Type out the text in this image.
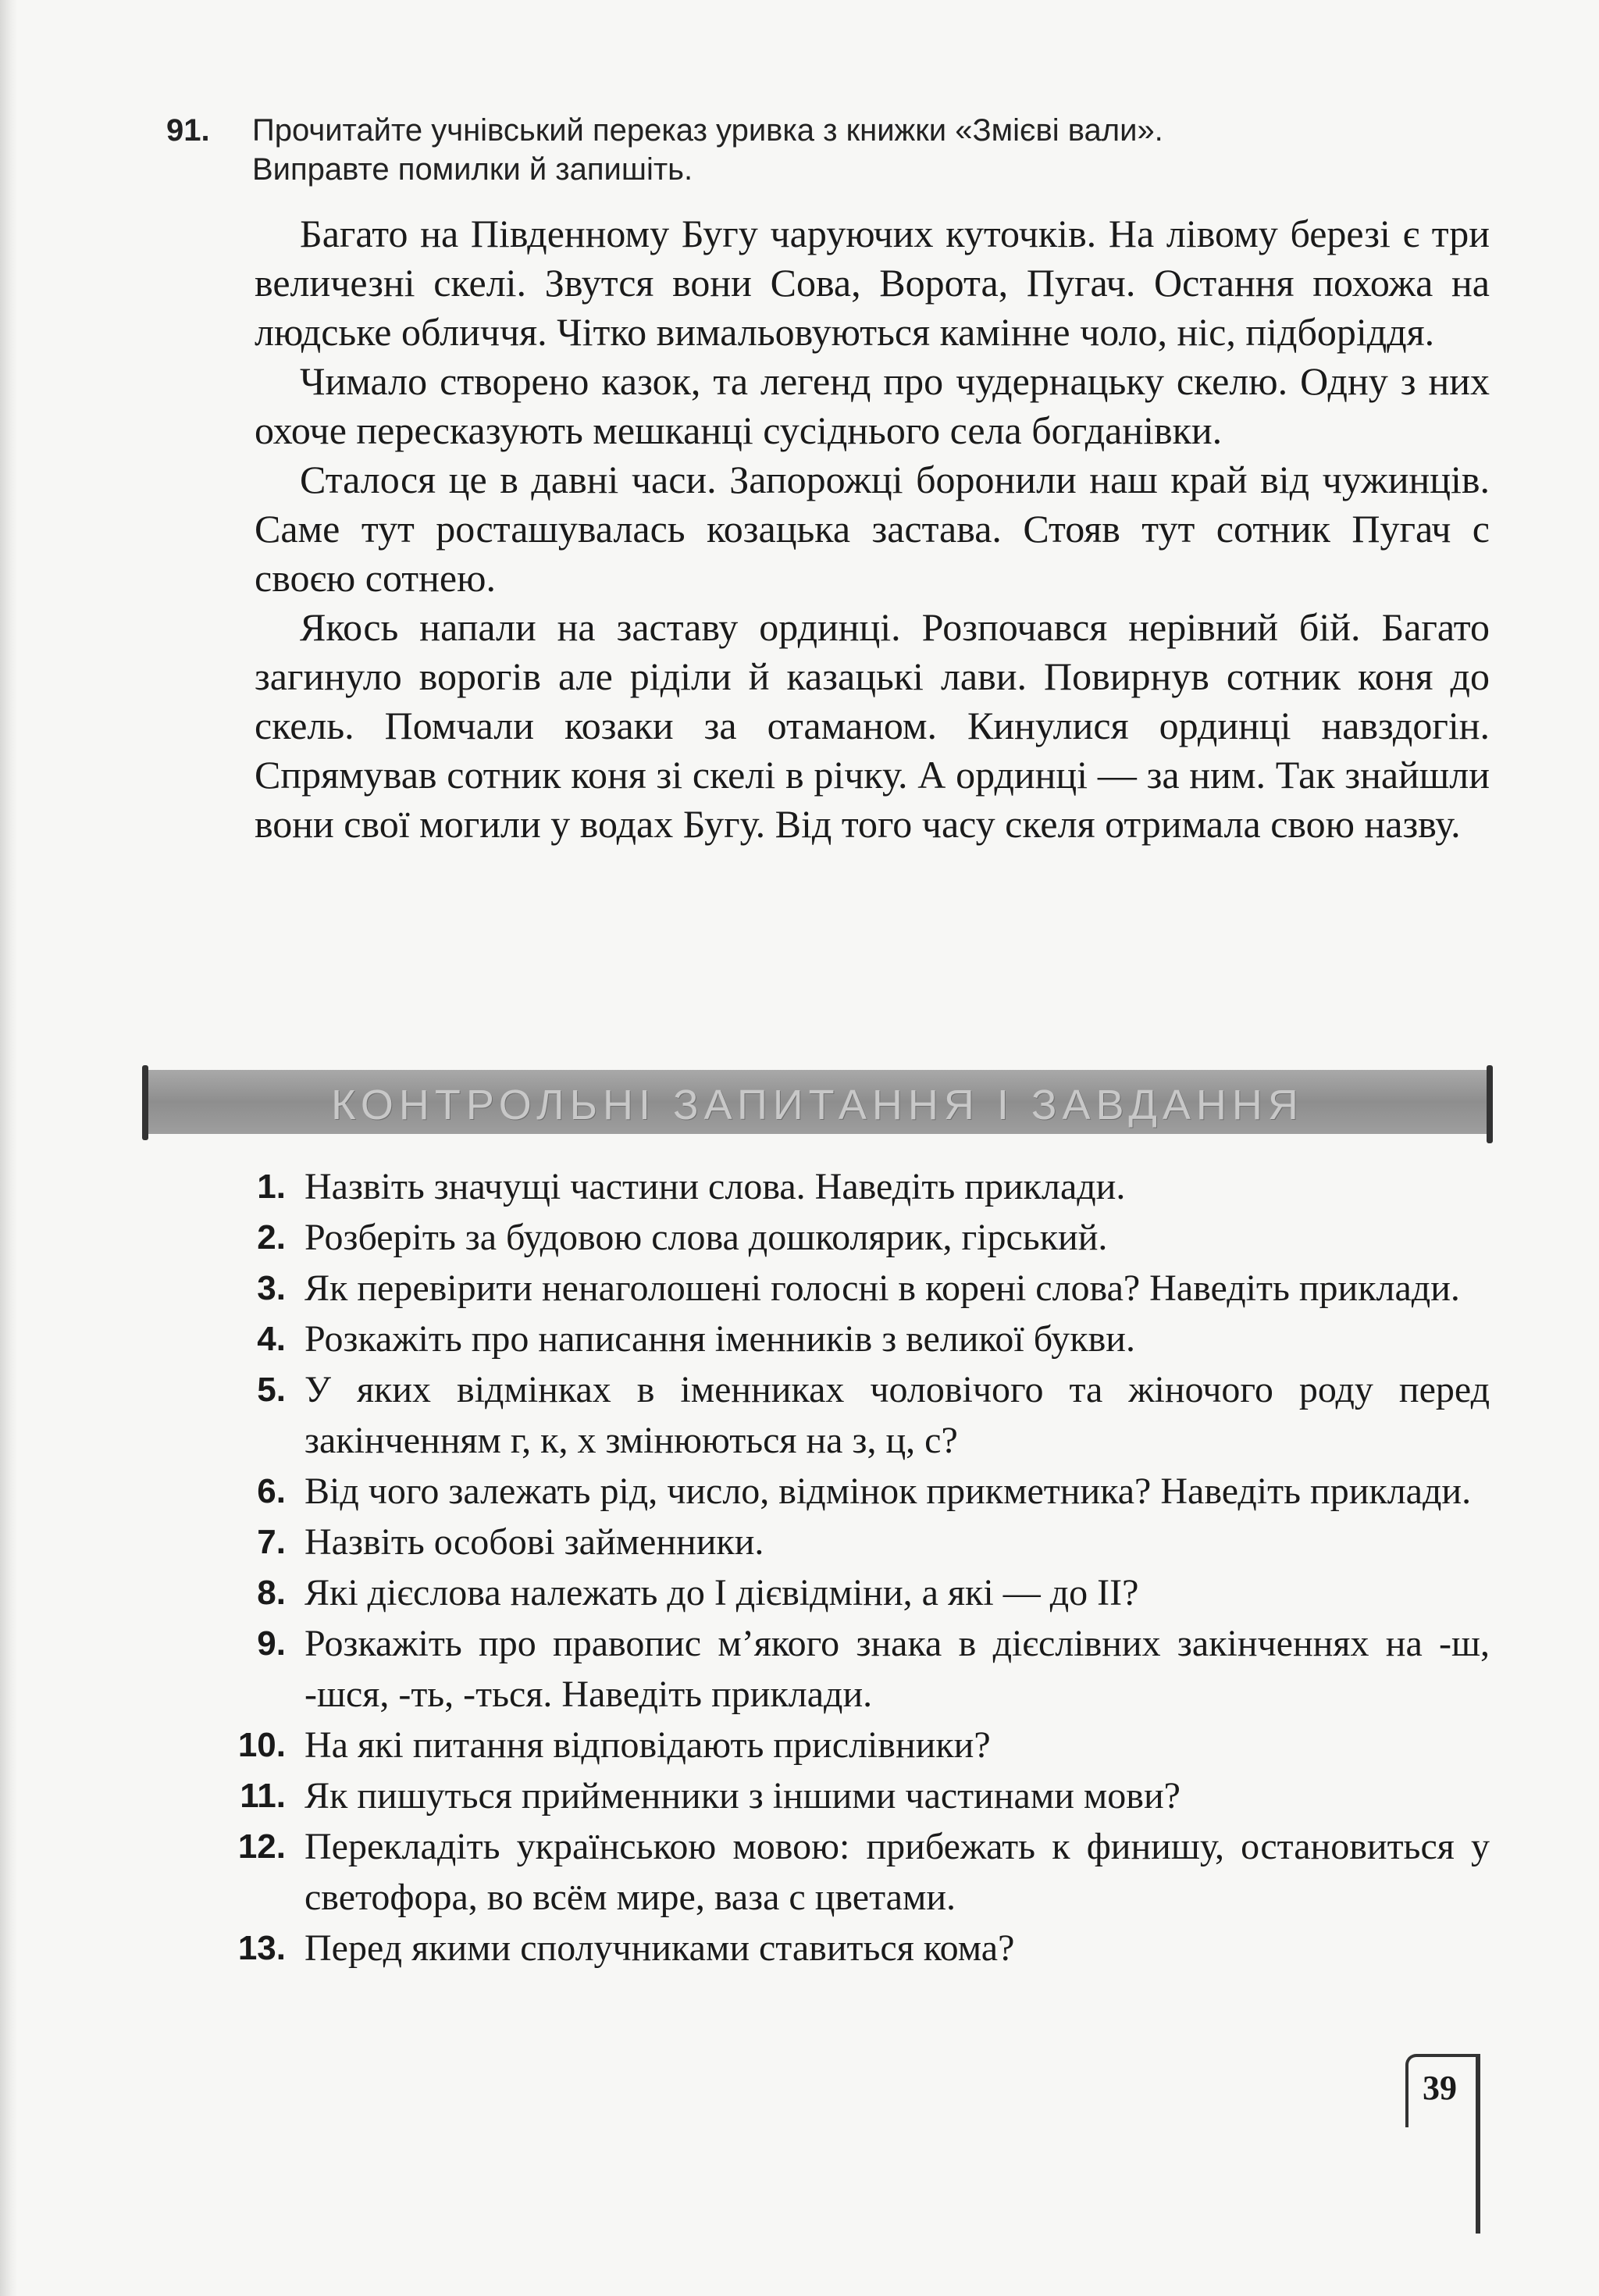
91. Прочитайте учнівський переказ уривка з книжки «Змієві вали».
Виправте помилки й запишіть.

Багато на Південному Бугу чаруючих куточків. На лівому березі є три величезні скелі. Звутся вони Сова, Ворота, Пугач. Остання похожа на людське обличчя. Чітко вимальовуються камінне чоло, ніс, підборіддя.

Чимало створено казок, та легенд про чудернацьку скелю. Одну з них охоче пересказують мешканці сусіднього села богданівки.

Сталося це в давні часи. Запорожці боронили наш край від чужинців. Саме тут росташувалась козацька застава. Стояв тут сотник Пугач с своєю сотнею.

Якось напали на заставу ординці. Розпочався нерівний бій. Багато загинуло ворогів але ріділи й казацькі лави. Повирнув сотник коня до скель. Помчали козаки за отаманом. Кинулися ординці навздогін. Спрямував сотник коня зі скелі в річку. А ординці — за ним. Так знайшли вони свої могили у водах Бугу. Від того часу скеля отримала свою назву.

КОНТРОЛЬНІ ЗАПИТАННЯ І ЗАВДАННЯ
1. Назвіть значущі частини слова. Наведіть приклади.
2. Розберіть за будовою слова дошколярик, гірський.
3. Як перевірити ненаголошені голосні в корені слова? Наведіть приклади.
4. Розкажіть про написання іменників з великої букви.
5. У яких відмінках в іменниках чоловічого та жіночого роду перед закінченням г, к, х змінюються на з, ц, с?
6. Від чого залежать рід, число, відмінок прикметника? Наведіть приклади.
7. Назвіть особові займенники.
8. Які дієслова належать до I дієвідміни, а які — до II?
9. Розкажіть про правопис м’якого знака в дієслівних закінченнях на -ш, -шся, -ть, -ться. Наведіть приклади.
10. На які питання відповідають прислівники?
11. Як пишуться прийменники з іншими частинами мови?
12. Перекладіть українською мовою: прибежать к финишу, остановиться у светофора, во всём мире, ваза с цветами.
13. Перед якими сполучниками ставиться кома?
39
